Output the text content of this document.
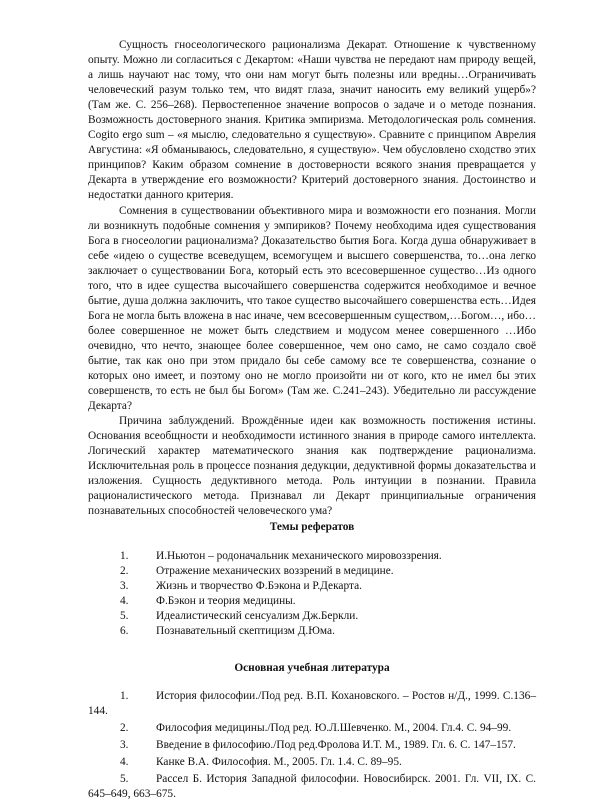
Сущность гносеологического рационализма Декарат. Отношение к чувственному опыту. Можно ли согласиться с Декартом: «Наши чувства не передают нам природу вещей, а лишь научают нас тому, что они нам могут быть полезны или вредны…Ограничивать человеческий разум только тем, что видят глаза, значит наносить ему великий ущерб»? (Там же. С. 256–268). Первостепенное значение вопросов о задаче и о методе познания. Возможность достоверного знания. Критика эмпиризма. Методологическая роль сомнения. Cogito ergo sum – «я мыслю, следовательно я существую». Сравните с принципом Аврелия Августина: «Я обманываюсь, следовательно, я существую». Чем обусловлено сходство этих принципов? Каким образом сомнение в достоверности всякого знания превращается у Декарта в утверждение его возможности? Критерий достоверного знания. Достоинство и недостатки данного критерия.

Сомнения в существовании объективного мира и возможности его познания. Могли ли возникнуть подобные сомнения у эмпириков? Почему необходима идея существования Бога в гносеологии рационализма? Доказательство бытия Бога. Когда душа обнаруживает в себе «идею о существе всеведущем, всемогущем и высшего совершенства, то…она легко заключает о существовании Бога, который есть это всесовершенное существо…Из одного того, что в идее существа высочайшего совершенства содержится необходимое и вечное бытие, душа должна заключить, что такое существо высочайшего совершенства есть…Идея Бога не могла быть вложена в нас иначе, чем всесовершенным существом,…Богом…, ибо…более совершенное не может быть следствием и модусом менее совершенного …Ибо очевидно, что нечто, знающее более совершенное, чем оно само, не само создало своё бытие, так как оно при этом придало бы себе самому все те совершенства, сознание о которых оно имеет, и поэтому оно не могло произойти ни от кого, кто не имел бы этих совершенств, то есть не был бы Богом» (Там же. С.241–243). Убедительно ли рассуждение Декарта?

Причина заблуждений. Врождённые идеи как возможность постижения истины. Основания всеобщности и необходимости истинного знания в природе самого интеллекта. Логический характер математического знания как подтверждение рационализма. Исключительная роль в процессе познания дедукции, дедуктивной формы доказательства и изложения. Сущность дедуктивного метода. Роль интуиции в познании. Правила рационалистического метода. Признавал ли Декарт принципиальные ограничения познавательных способностей человеческого ума?

Темы рефератов
1. И.Ньютон – родоначальник механического мировоззрения.
2. Отражение механических воззрений в медицине.
3. Жизнь и творчество Ф.Бэкона и Р.Декарта.
4. Ф.Бэкон и теория медицины.
5. Идеалистический сенсуализм Дж.Беркли.
6. Познавательный скептицизм Д.Юма.
Основная учебная литература
1. История философии./Под ред. В.П. Кохановского. – Ростов н/Д., 1999. С.136–144.
2. Философия медицины./Под ред. Ю.Л.Шевченко. М., 2004. Гл.4. С. 94–99.
3. Введение в философию./Под ред.Фролова И.Т. М., 1989. Гл. 6. С. 147–157.
4. Канке В.А. Философия. М., 2005. Гл. 1.4. С. 89–95.
5. Рассел Б. История Западной философии. Новосибирск. 2001. Гл. VII, IX. С. 645–649, 663–675.
